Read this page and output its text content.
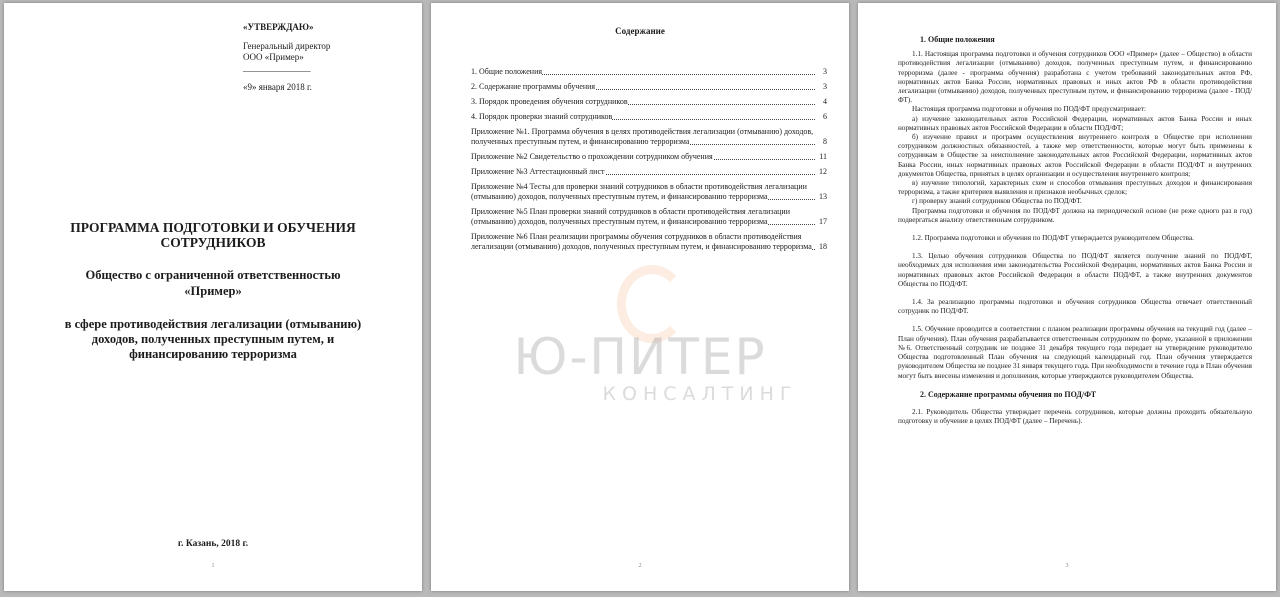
«УТВЕРЖДАЮ»
Генеральный директор
ООО «Пример»
_______________
«9» января 2018 г.
ПРОГРАММА ПОДГОТОВКИ И ОБУЧЕНИЯ
СОТРУДНИКОВ
Общество с ограниченной ответственностью
«Пример»
в сфере противодействия легализации (отмыванию)
доходов, полученных преступным путем, и
финансированию терроризма
г. Казань, 2018 г.
1
Содержание
1. Общие положения	3
2. Содержание программы обучения	3
3. Порядок проведения обучения сотрудников	4
4. Порядок проверки знаний сотрудников	6
Приложение №1. Программа обучения в целях противодействия легализации (отмыванию) доходов, полученных преступным путем, и финансированию терроризма	8
Приложение №2 Свидетельство о прохождении сотрудником обучения	11
Приложение №3 Аттестационный лист	12
Приложение №4 Тесты для проверки знаний сотрудников в области противодействия легализации (отмыванию) доходов, полученных преступным путем, и финансированию терроризма	13
Приложение №5 План проверки знаний сотрудников в области противодействия легализации (отмыванию) доходов, полученных преступным путем, и финансированию терроризма	17
Приложение №6 План реализации программы обучения сотрудников в области противодействия легализации (отмыванию) доходов, полученных преступным путем, и финансированию терроризма 18
Ю-ПИТЕР
КОНСАЛТИНГ
2
1. Общие положения

1.1. Настоящая программа подготовки и обучения сотрудников ООО «Пример» (далее – Общество) в области противодействия легализации (отмыванию) доходов, полученных преступным путем, и финансированию терроризма (далее - программа обучения) разработана с учетом требований законодательных актов РФ, нормативных актов Банка России, нормативных правовых и иных актов РФ в области противодействия легализации (отмыванию) доходов, полученных преступным путем, и финансированию терроризма (далее - ПОД/ФТ).

Настоящая программа подготовки и обучения по ПОД/ФТ предусматривает:

а) изучение законодательных актов Российской Федерации, нормативных актов Банка России и иных нормативных правовых актов Российской Федерации в области ПОД/ФТ;

б) изучение правил и программ осуществления внутреннего контроля в Обществе при исполнении сотрудником должностных обязанностей, а также мер ответственности, которые могут быть применены к сотрудникам в Обществе за неисполнение законодательных актов Российской Федерации, нормативных актов Банка России, иных нормативных правовых актов Российской Федерации в области ПОД/ФТ и внутренних документов Общества, принятых в целях организации и осуществления внутреннего контроля;

в) изучение типологий, характерных схем и способов отмывания преступных доходов и финансирования терроризма, а также критериев выявления и признаков необычных сделок;

г) проверку знаний сотрудников Общества по ПОД/ФТ.

Программа подготовки и обучения по ПОД/ФТ должна на периодической основе (не реже одного раз в год) подвергаться анализу ответственным сотрудником.

1.2. Программа подготовки и обучения по ПОД/ФТ утверждается руководителем Общества.

1.3. Целью обучения сотрудников Общества по ПОД/ФТ является получение знаний по ПОД/ФТ, необходимых для исполнения ими законодательства Российской Федерации, нормативных актов Банка России и нормативных правовых актов Российской Федерации в области ПОД/ФТ, а также внутренних документов Общества по ПОД/ФТ.

1.4. За реализацию программы подготовки и обучения сотрудников Общества отвечает ответственный сотрудник по ПОД/ФТ.

1.5. Обучение проводится в соответствии с планом реализации программы обучения на текущий год (далее – План обучения). План обучения разрабатывается ответственным сотрудником по форме, указанной в приложении №6. Ответственный сотрудник не позднее 31 декабря текущего года передает на утверждение руководителю Общества подготовленный План обучения на следующий календарный год. План обучения утверждается руководителем Общества не позднее 31 января текущего года. При необходимости в течение года в План обучения могут быть внесены изменения и дополнения, которые утверждаются руководителем Общества.

2. Содержание программы обучения по ПОД/ФТ

2.1. Руководитель Общества утверждает перечень сотрудников, которые должны проходить обязательную подготовку и обучение в целях ПОД/ФТ (далее – Перечень).

3
